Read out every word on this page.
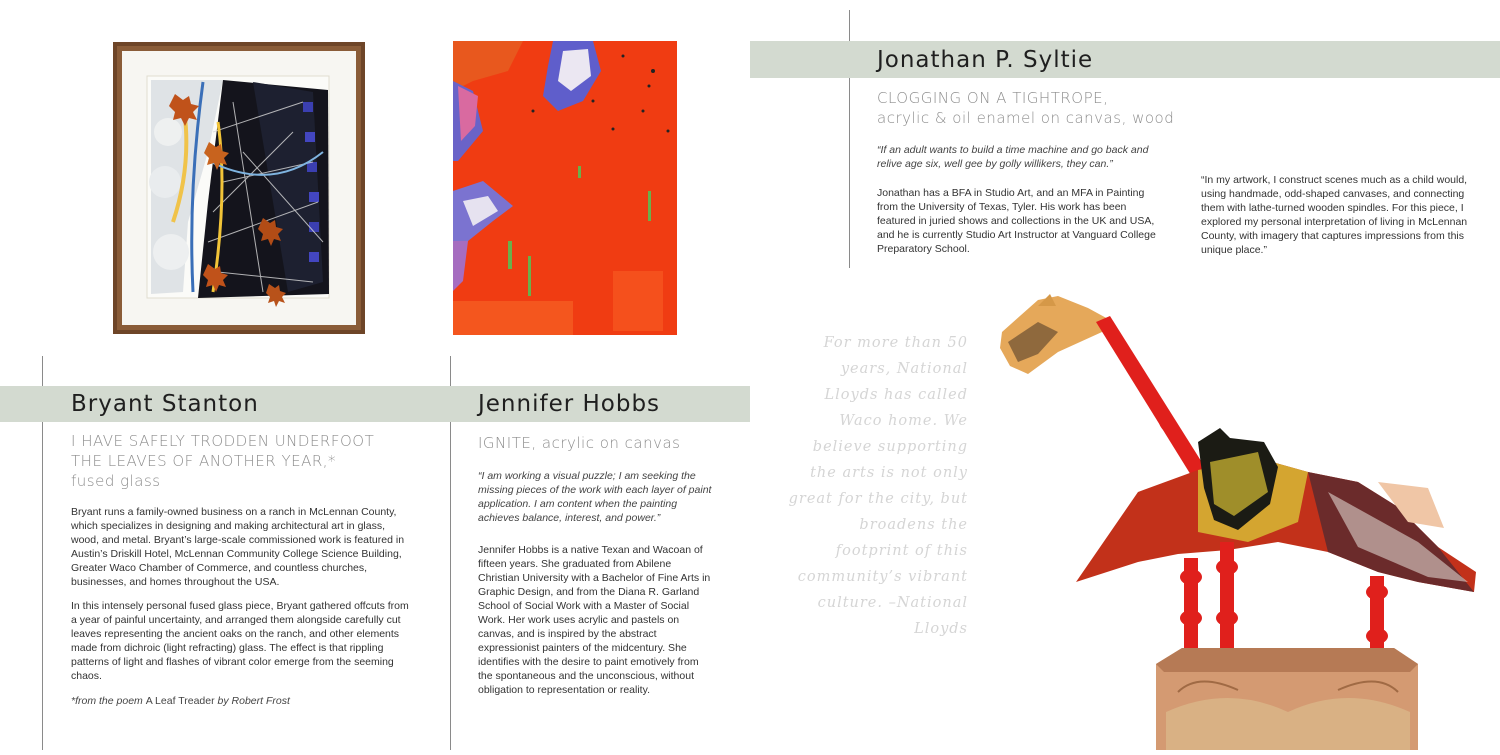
Jonathan P. Syltie
CLOGGING ON A TIGHTROPE,
acrylic & oil enamel on canvas, wood
“If an adult wants to build a time machine and go back and relive age six, well gee by golly willikers, they can.”
Jonathan has a BFA in Studio Art, and an MFA in Painting from the University of Texas, Tyler. His work has been featured in juried shows and collections in the UK and USA, and he is currently Studio Art Instructor at Vanguard College Preparatory School.
“In my artwork, I construct scenes much as a child would, using handmade, odd-shaped canvases, and connecting them with lathe-turned wooden spindles. For this piece, I explored my personal interpretation of living in McLennan County, with imagery that captures impressions from this unique place.”
Bryant Stanton	Jennifer Hobbs
I HAVE SAFELY TRODDEN UNDERFOOT
THE LEAVES OF ANOTHER YEAR,*
fused glass

Bryant runs a family-owned business on a ranch in McLennan County, which specializes in designing and making architectural art in glass, wood, and metal. Bryant’s large-scale commissioned work is featured in Austin’s Driskill Hotel, McLennan Community College Science Building, Greater Waco Chamber of Commerce, and countless churches, businesses, and homes throughout the USA.

In this intensely personal fused glass piece, Bryant gathered offcuts from a year of painful uncertainty, and arranged them alongside carefully cut leaves representing the ancient oaks on the ranch, and other elements made from dichroic (light refracting) glass. The effect is that rippling patterns of light and flashes of vibrant color emerge from the seeming chaos.

*from the poem A Leaf Treader by Robert Frost
IGNITE, acrylic on canvas
“I am working a visual puzzle; I am seeking the missing pieces of the work with each layer of paint application. I am content when the painting achieves balance, interest, and power.”
Jennifer Hobbs is a native Texan and Wacoan of fifteen years. She graduated from Abilene Christian University with a Bachelor of Fine Arts in Graphic Design, and from the Diana R. Garland School of Social Work with a Master of Social Work. Her work uses acrylic and pastels on canvas, and is inspired by the abstract expressionist painters of the midcentury. She identifies with the desire to paint emotively from the spontaneous and the unconscious, without obligation to representation or reality.
For more than 50 years, National Lloyds has called Waco home. We believe supporting the arts is not only great for the city, but broadens the footprint of this community’s vibrant culture. –National Lloyds
